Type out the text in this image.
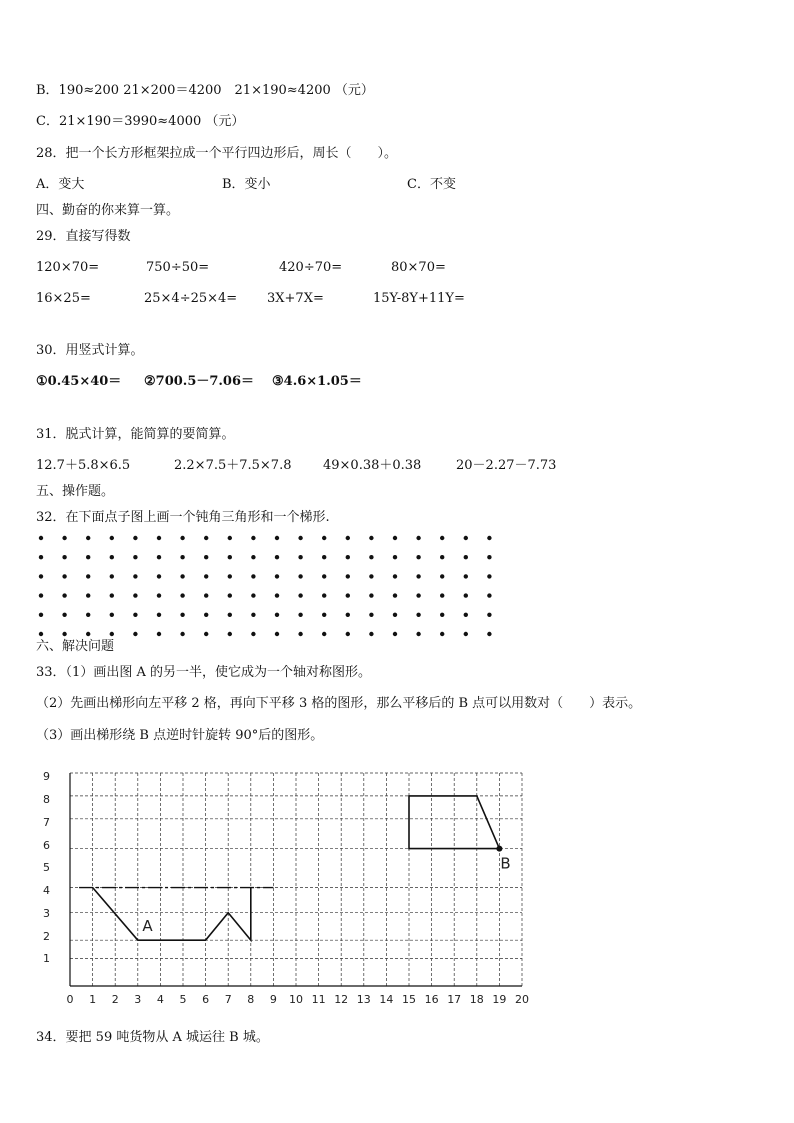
B．190≈200 21×200＝4200　21×190≈4200 （元）
C．21×190＝3990≈4000 （元）
28．把一个长方形框架拉成一个平行四边形后，周长（　　）。
A．变大	B．变小	C．不变
四、勤奋的你来算一算。
29．直接写得数
120×70=	750÷50=	420÷70=	80×70=
16×25=	25×4÷25×4= 3X+7X=	15Y-8Y+11Y=
30．用竖式计算。
①0.45×40＝ ②700.5－7.06＝ ③4.6×1.05＝
31．脱式计算，能简算的要简算。
12.7＋5.8×6.5	2.2×7.5＋7.5×7.8 49×0.38＋0.38	20－2.27－7.73
五、操作题。
32．在下面点子图上画一个钝角三角形和一个梯形.
六、解决问题
33．（1）画出图 A 的另一半，使它成为一个轴对称图形。
（2）先画出梯形向左平移 2 格，再向下平移 3 格的图形，那么平移后的 B 点可以用数对（　　）表示。
（3）画出梯形绕 B 点逆时针旋转 90°后的图形。
0 1 2 3 4 5 6 7 8 9 10 11 12 13 14 15 16 17 18 19 20
1
2
3
4
5
6
7
8
9
A
B
34．要把 59 吨货物从 A 城运往 B 城。
